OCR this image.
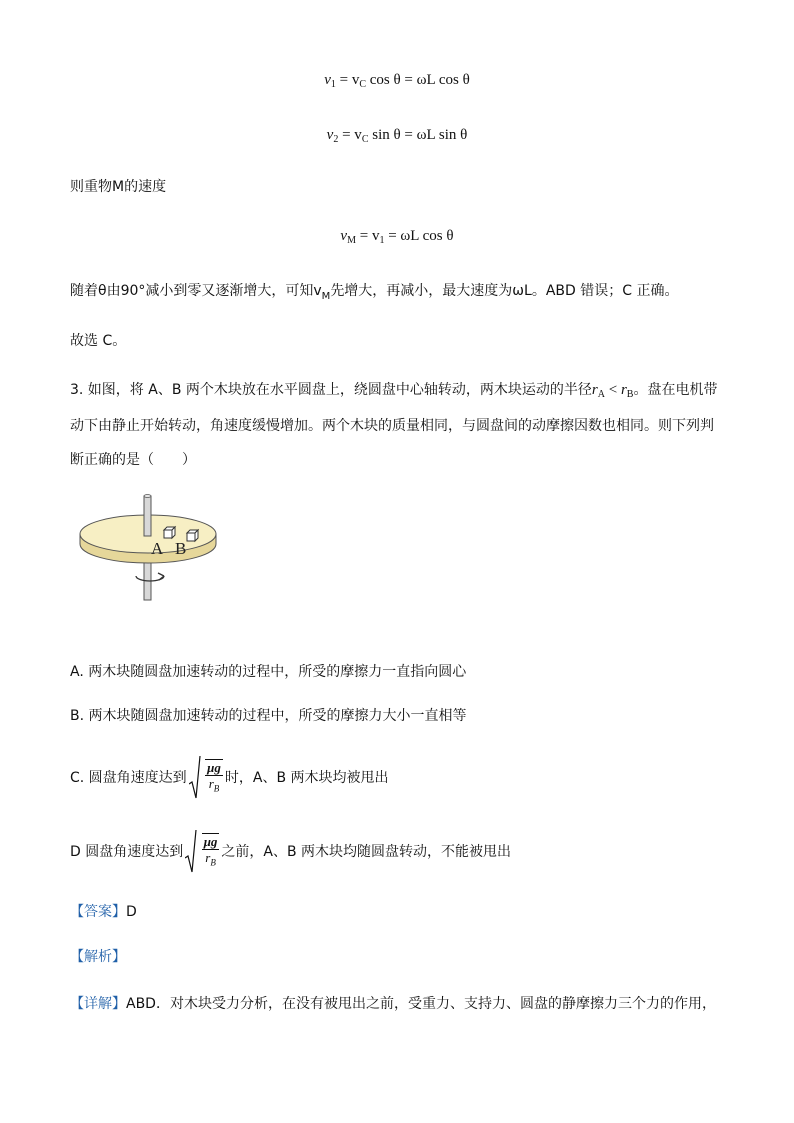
$v_1 = v_C$ cos θ = ωL cos θ
$v_2 = v_C$ sin θ = ωL sin θ
则重物M的速度
$v_M = v_1 = \omega L$ cos θ
随着θ由90°减小到零又逐渐增大，可知$v_M$先增大，再减小，最大速度为ωL。ABD 错误；C 正确。
故选 C。
3. 如图，将 A、B 两个木块放在水平圆盘上，绕圆盘中心轴转动，两木块运动的半径$r_A < r_B$。盘在电机带
动下由静止开始转动，角速度缓慢增加。两个木块的质量相同，与圆盘间的动摩擦因数也相同。则下列判
断正确的是（　　）
A B
A. 两木块随圆盘加速转动的过程中，所受的摩擦力一直指向圆心
B. 两木块随圆盘加速转动的过程中，所受的摩擦力大小一直相等
C. 圆盘角速度达到
$\frac{\mu g}{r_B}$ 时，A、B 两木块均被甩出
D 圆盘角速度达到
$\frac{\mu g}{r_B}$ 之前，A、B 两木块均随圆盘转动，不能被甩出
【答案】D
【解析】
【详解】ABD．对木块受力分析，在没有被甩出之前，受重力、支持力、圆盘的静摩擦力三个力的作用，
